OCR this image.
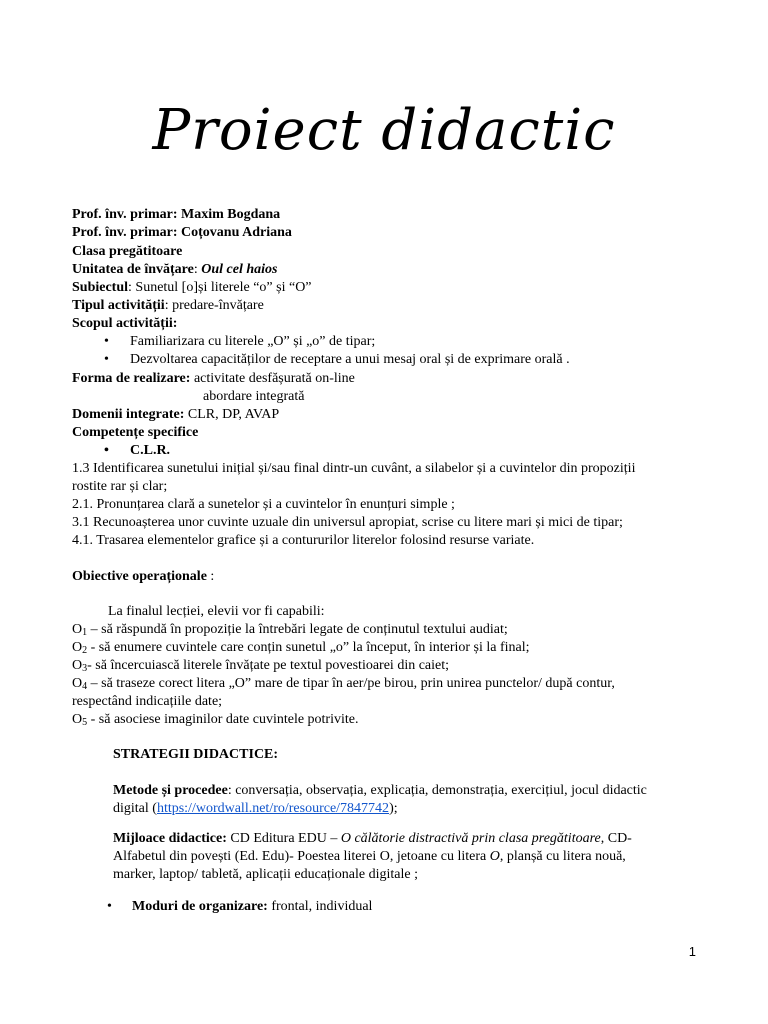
Proiect didactic
Prof. înv. primar: Maxim Bogdana
Prof. înv. primar: Coțovanu Adriana
Clasa pregătitoare
Unitatea de învățare: Oul cel haios
Subiectul: Sunetul [o]și literele “o” și “O”
Tipul activității: predare-învățare
Scopul activității:
• Familiarizara cu literele „O” și „o” de tipar;
• Dezvoltarea capacităților de receptare a unui mesaj oral și de exprimare orală .
Forma de realizare: activitate desfășurată on-line
abordare integrată
Domenii integrate: CLR, DP, AVAP
Competențe specifice
• C.L.R.
1.3 Identificarea sunetului inițial și/sau final dintr-un cuvânt, a silabelor și a cuvintelor din propoziții
rostite rar și clar;
2.1. Pronunțarea clară a sunetelor și a cuvintelor în enunțuri simple ;
3.1 Recunoașterea unor cuvinte uzuale din universul apropiat, scrise cu litere mari și mici de tipar;
4.1. Trasarea elementelor grafice și a contururilor literelor folosind resurse variate.
Obiective operaționale :
La finalul lecției, elevii vor fi capabili:
$O_1$ – să răspundă în propoziție la întrebări legate de conținutul textului audiat;
$O_2$ - să enumere cuvintele care conțin sunetul „o” la început, în interior și la final;
$O_3-$ să încercuiască literele învățate pe textul povestioarei din caiet;
$O_4$ – să traseze corect litera „O” mare de tipar în aer/pe birou, prin unirea punctelor/ după contur,
respectând indicațiile date;
$O_5$ - să asociese imaginilor date cuvintele potrivite.
STRATEGII DIDACTICE:
Metode și procedee: conversația, observația, explicația, demonstrația, exercițiul, jocul didactic
digital (https://wordwall.net/ro/resource/7847742);
Mijloace didactice: CD Editura EDU – O călătorie distractivă prin clasa pregătitoare, CD-
Alfabetul din povești (Ed. Edu)- Poestea literei O, jetoane cu litera O, planșă cu litera nouă,
marker, laptop/ tabletă, aplicații educaționale digitale ;
• Moduri de organizare: frontal, individual
1
